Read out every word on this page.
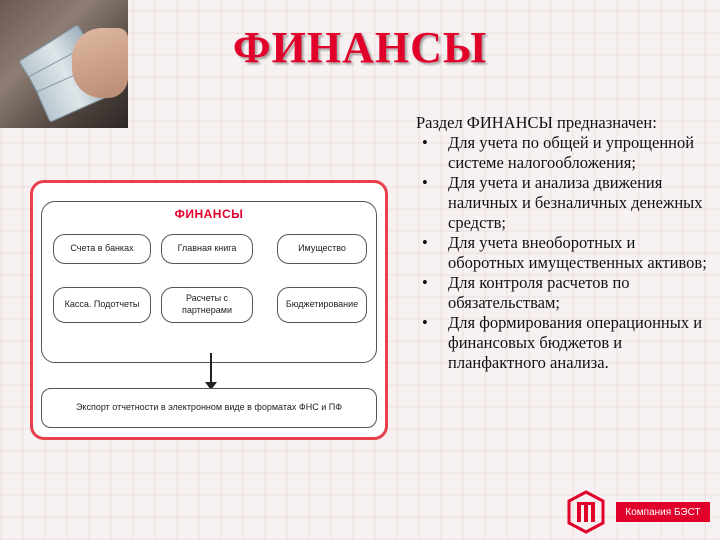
ФИНАНСЫ
ФИНАНСЫ
Счета в банках	Главная книга	Имущество
Касса. Подотчеты
Расчеты с партнерами
Бюджетирование
Экспорт отчетности в электронном виде в форматах ФНС и ПФ
Раздел ФИНАНСЫ предназначен:
• Для учета по общей и упрощенной системе налогообложения;
• Для учета и анализа движения наличных и безналичных денежных средств;
• Для учета внеоборотных и оборотных имущественных активов;
• Для контроля расчетов по обязательствам;
• Для формирования операционных и финансовых бюджетов и планфактного анализа.
Компания БЭСТ
